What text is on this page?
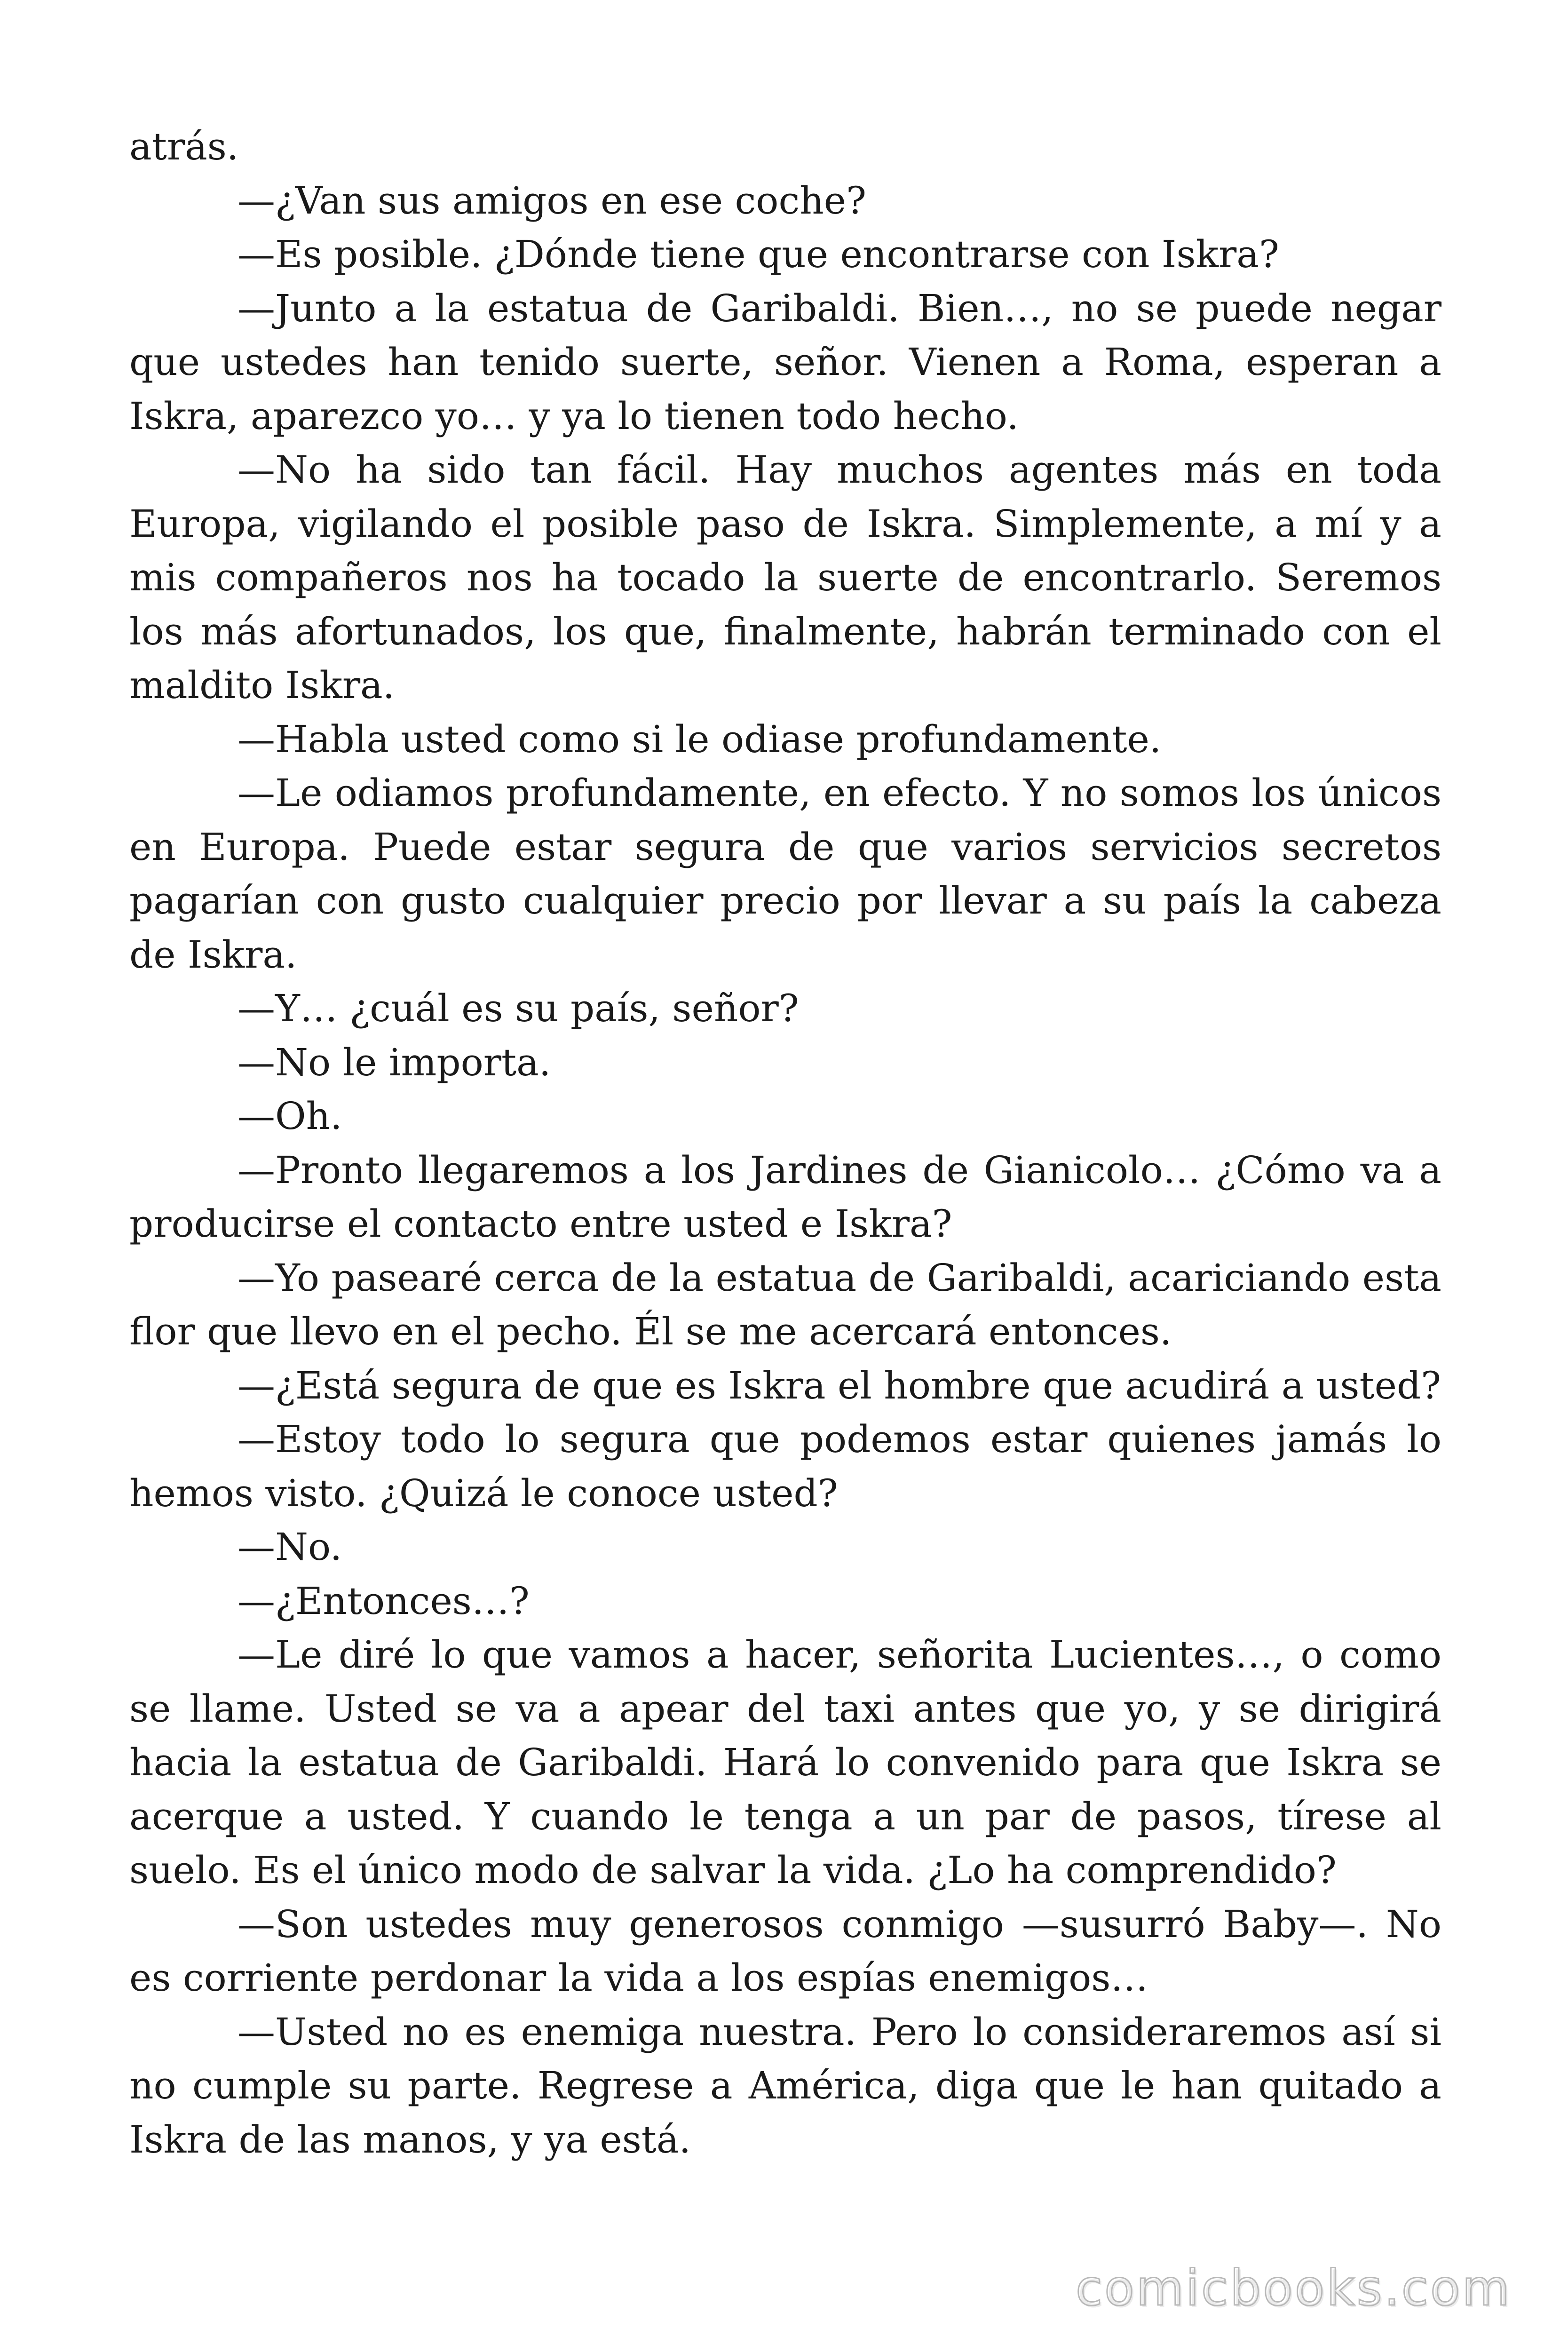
atrás.

—¿Van sus amigos en ese coche?

—Es posible. ¿Dónde tiene que encontrarse con Iskra?

—Junto a la estatua de Garibaldi. Bien…, no se puede negar que ustedes han tenido suerte, señor. Vienen a Roma, esperan a Iskra, aparezco yo… y ya lo tienen todo hecho.

—No ha sido tan fácil. Hay muchos agentes más en toda Europa, vigilando el posible paso de Iskra. Simplemente, a mí y a mis compañeros nos ha tocado la suerte de encontrarlo. Seremos los más afortunados, los que, finalmente, habrán terminado con el maldito Iskra.

—Habla usted como si le odiase profundamente.

—Le odiamos profundamente, en efecto. Y no somos los únicos en Europa. Puede estar segura de que varios servicios secretos pagarían con gusto cualquier precio por llevar a su país la cabeza de Iskra.

—Y… ¿cuál es su país, señor?

—No le importa.

—Oh.

—Pronto llegaremos a los Jardines de Gianicolo… ¿Cómo va a producirse el contacto entre usted e Iskra?

—Yo pasearé cerca de la estatua de Garibaldi, acariciando esta flor que llevo en el pecho. Él se me acercará entonces.

—¿Está segura de que es Iskra el hombre que acudirá a usted?

—Estoy todo lo segura que podemos estar quienes jamás lo hemos visto. ¿Quizá le conoce usted?

—No.

—¿Entonces…?

—Le diré lo que vamos a hacer, señorita Lucientes…, o como se llame. Usted se va a apear del taxi antes que yo, y se dirigirá hacia la estatua de Garibaldi. Hará lo convenido para que Iskra se acerque a usted. Y cuando le tenga a un par de pasos, tírese al suelo. Es el único modo de salvar la vida. ¿Lo ha comprendido?

—Son ustedes muy generosos conmigo —susurró Baby—. No es corriente perdonar la vida a los espías enemigos…

—Usted no es enemiga nuestra. Pero lo consideraremos así si no cumple su parte. Regrese a América, diga que le han quitado a Iskra de las manos, y ya está.

comicbooks.com
